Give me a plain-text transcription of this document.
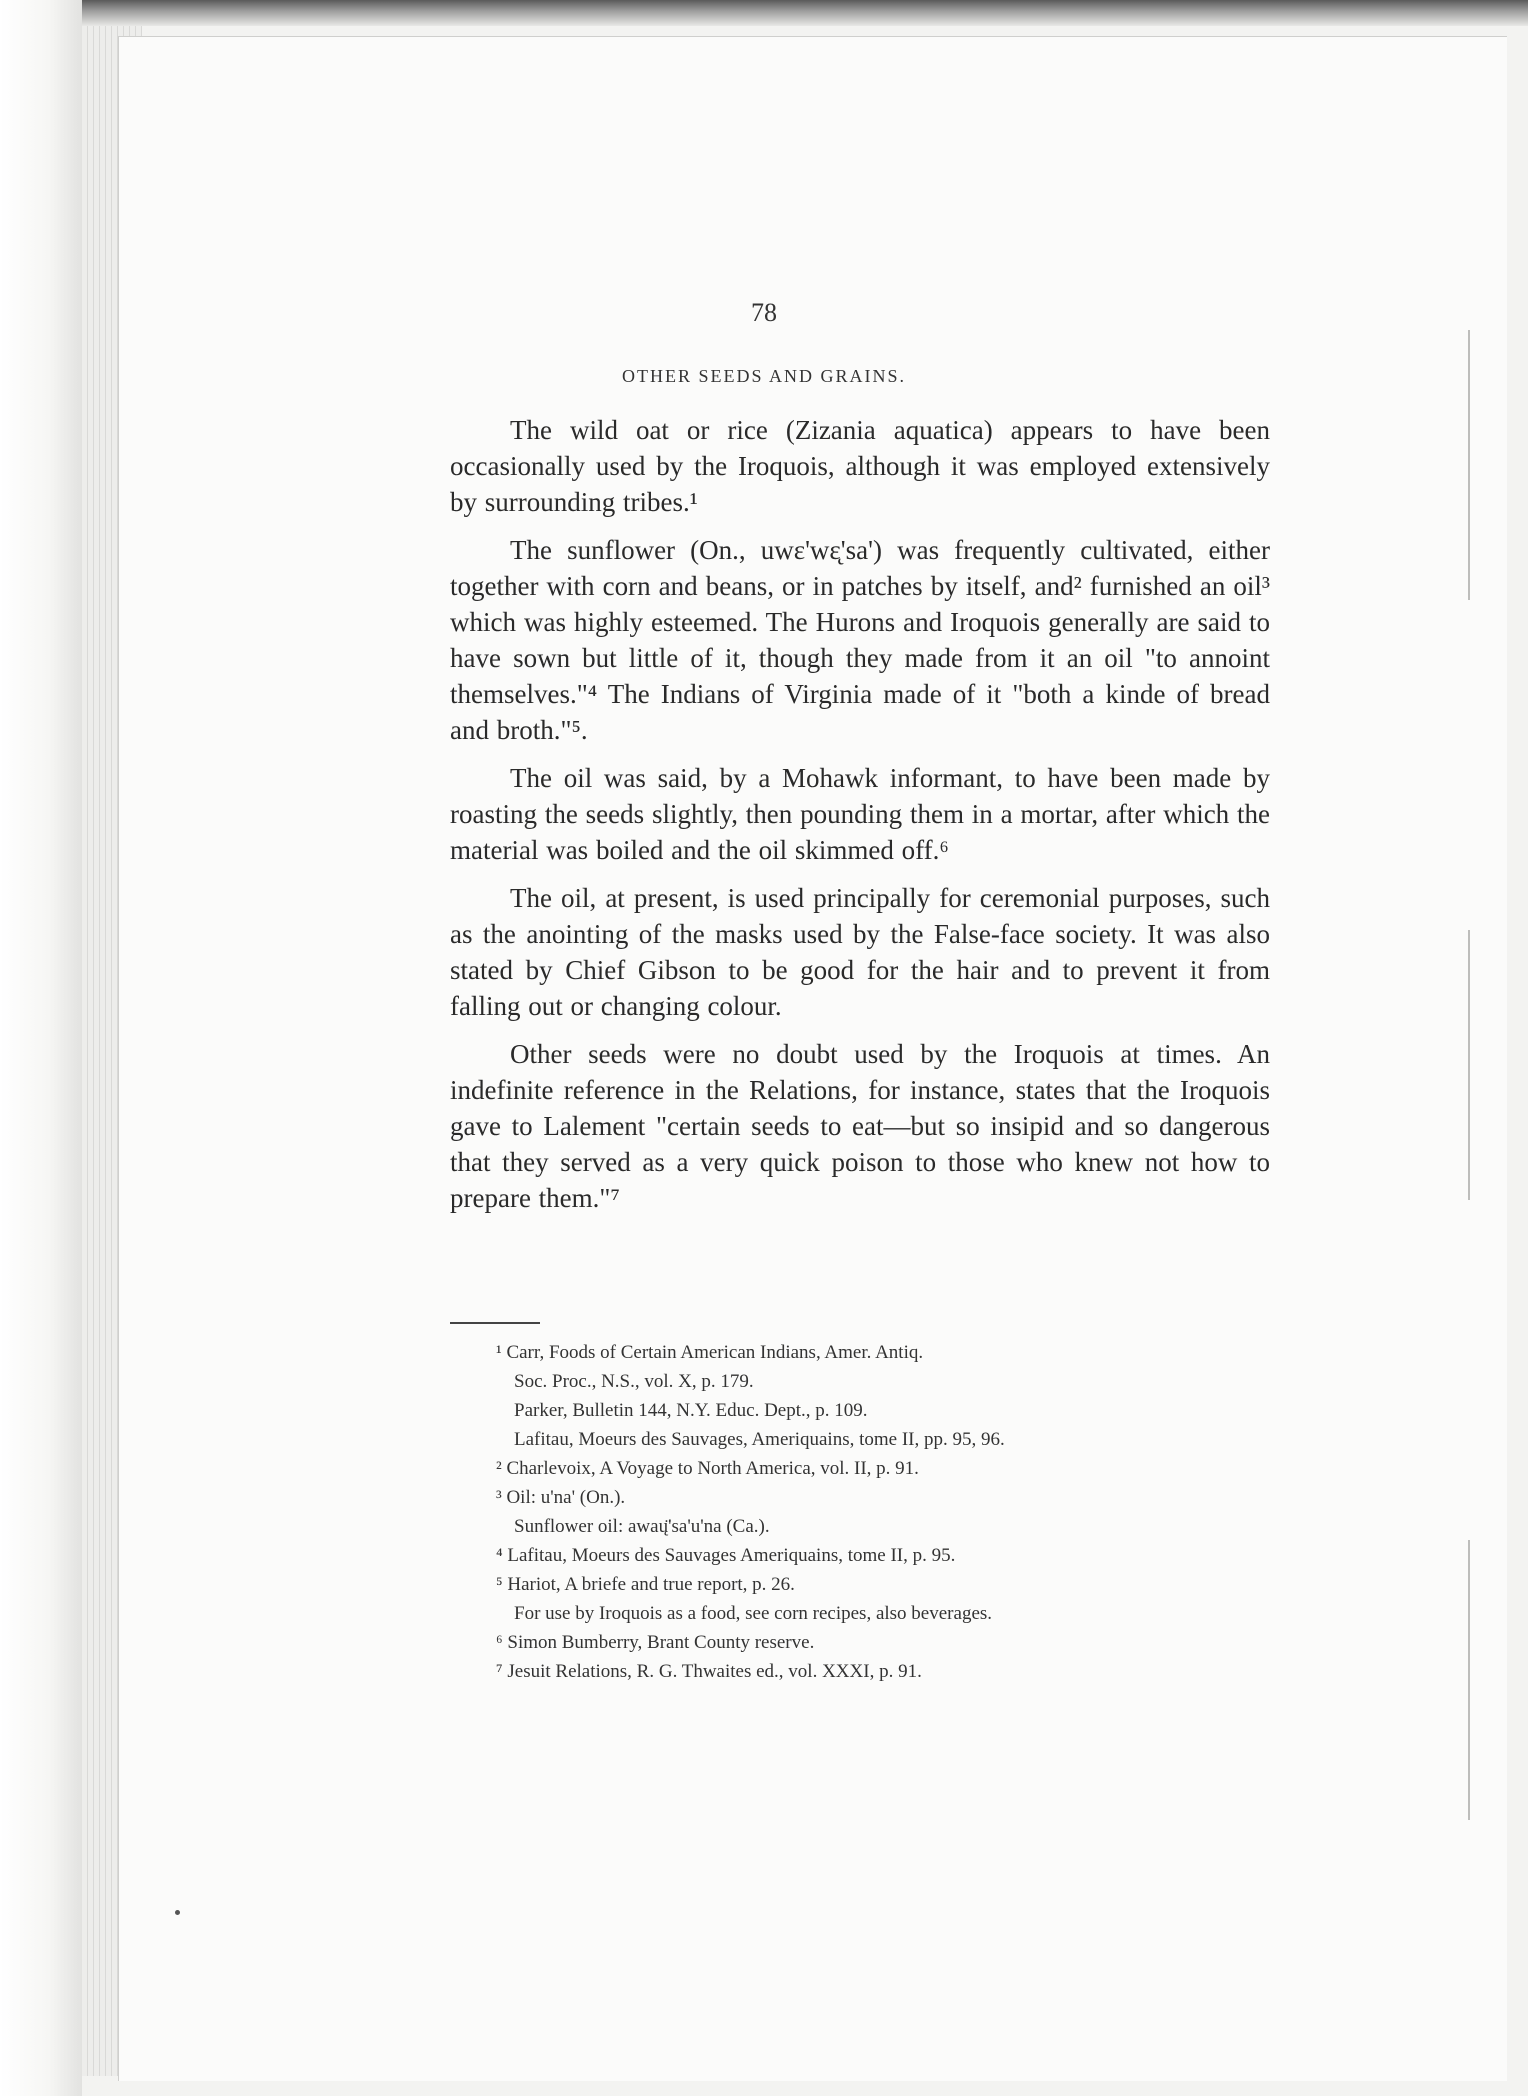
78
OTHER SEEDS AND GRAINS.

The wild oat or rice (Zizania aquatica) appears to have been occasionally used by the Iroquois, although it was employed extensively by surrounding tribes.¹

The sunflower (On., uwɛ'wɛ̨'sa') was frequently cultivated, either together with corn and beans, or in patches by itself, and² furnished an oil³ which was highly esteemed. The Hurons and Iroquois generally are said to have sown but little of it, though they made from it an oil "to annoint themselves."⁴ The Indians of Virginia made of it "both a kinde of bread and broth."⁵.

The oil was said, by a Mohawk informant, to have been made by roasting the seeds slightly, then pounding them in a mortar, after which the material was boiled and the oil skimmed off.⁶

The oil, at present, is used principally for ceremonial purposes, such as the anointing of the masks used by the False-face society. It was also stated by Chief Gibson to be good for the hair and to prevent it from falling out or changing colour.

Other seeds were no doubt used by the Iroquois at times. An indefinite reference in the Relations, for instance, states that the Iroquois gave to Lalement "certain seeds to eat—but so insipid and so dangerous that they served as a very quick poison to those who knew not how to prepare them."⁷

¹ Carr, Foods of Certain American Indians, Amer. Antiq.
Soc. Proc., N.S., vol. X, p. 179.
Parker, Bulletin 144, N.Y. Educ. Dept., p. 109.
Lafitau, Moeurs des Sauvages, Ameriquains, tome II, pp. 95, 96.
² Charlevoix, A Voyage to North America, vol. II, p. 91.
³ Oil: u'na' (On.).
Sunflower oil: awaų̈'sa'u'na (Ca.).
⁴ Lafitau, Moeurs des Sauvages Ameriquains, tome II, p. 95.
⁵ Hariot, A briefe and true report, p. 26.
For use by Iroquois as a food, see corn recipes, also beverages.
⁶ Simon Bumberry, Brant County reserve.
⁷ Jesuit Relations, R. G. Thwaites ed., vol. XXXI, p. 91.
